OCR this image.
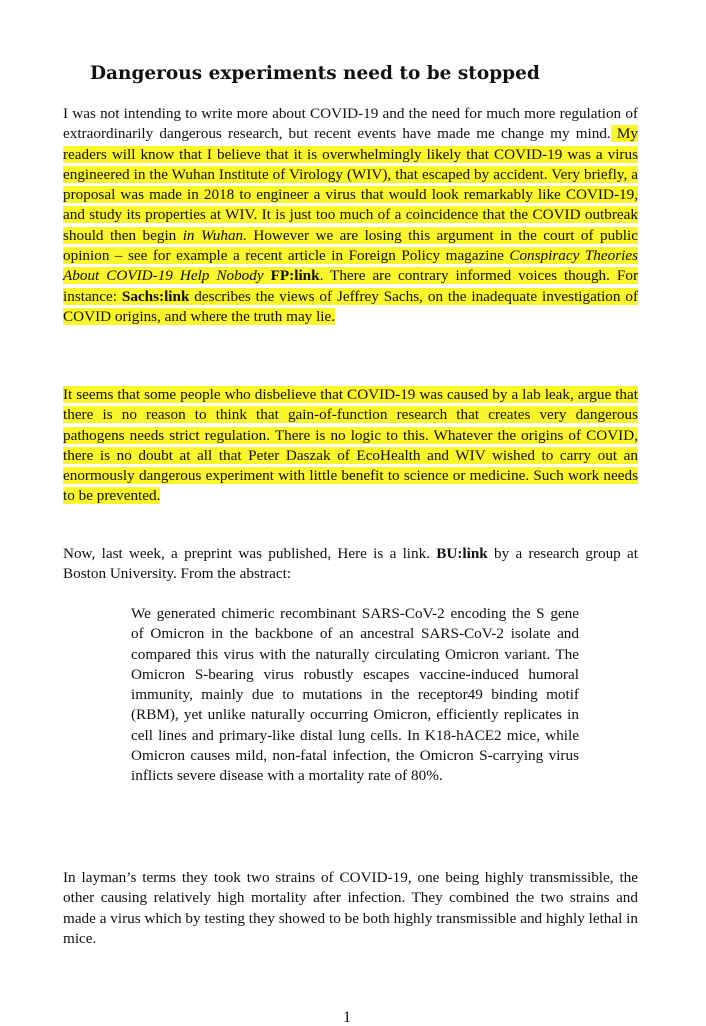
Dangerous experiments need to be stopped

I was not intending to write more about COVID-19 and the need for much more regulation of extraordinarily dangerous research, but recent events have made me change my mind. My readers will know that I believe that it is overwhelmingly likely that COVID-19 was a virus engineered in the Wuhan Institute of Virology (WIV), that escaped by accident. Very briefly, a proposal was made in 2018 to engineer a virus that would look remarkably like COVID-19, and study its properties at WIV. It is just too much of a coincidence that the COVID outbreak should then begin in Wuhan. However we are losing this argument in the court of public opinion – see for example a recent article in Foreign Policy magazine Conspiracy Theories About COVID-19 Help Nobody FP:link. There are contrary informed voices though. For instance: Sachs:link describes the views of Jeffrey Sachs, on the inadequate investigation of COVID origins, and where the truth may lie.

It seems that some people who disbelieve that COVID-19 was caused by a lab leak, argue that there is no reason to think that gain-of-function research that creates very dangerous pathogens needs strict regulation. There is no logic to this. Whatever the origins of COVID, there is no doubt at all that Peter Daszak of EcoHealth and WIV wished to carry out an enormously dangerous experiment with little benefit to science or medicine. Such work needs to be prevented.

Now, last week, a preprint was published, Here is a link. BU:link by a research group at Boston University. From the abstract:

We generated chimeric recombinant SARS-CoV-2 encoding the S gene of Omicron in the backbone of an ancestral SARS-CoV-2 isolate and compared this virus with the naturally circulating Omicron variant. The Omicron S-bearing virus robustly escapes vaccine-induced humoral immunity, mainly due to mutations in the receptor49 binding motif (RBM), yet unlike naturally occurring Omicron, efficiently replicates in cell lines and primary-like distal lung cells. In K18-hACE2 mice, while Omicron causes mild, non-fatal infection, the Omicron S-carrying virus inflicts severe disease with a mortality rate of 80%.

In layman’s terms they took two strains of COVID-19, one being highly transmissible, the other causing relatively high mortality after infection. They combined the two strains and made a virus which by testing they showed to be both highly transmissible and highly lethal in mice.

1
